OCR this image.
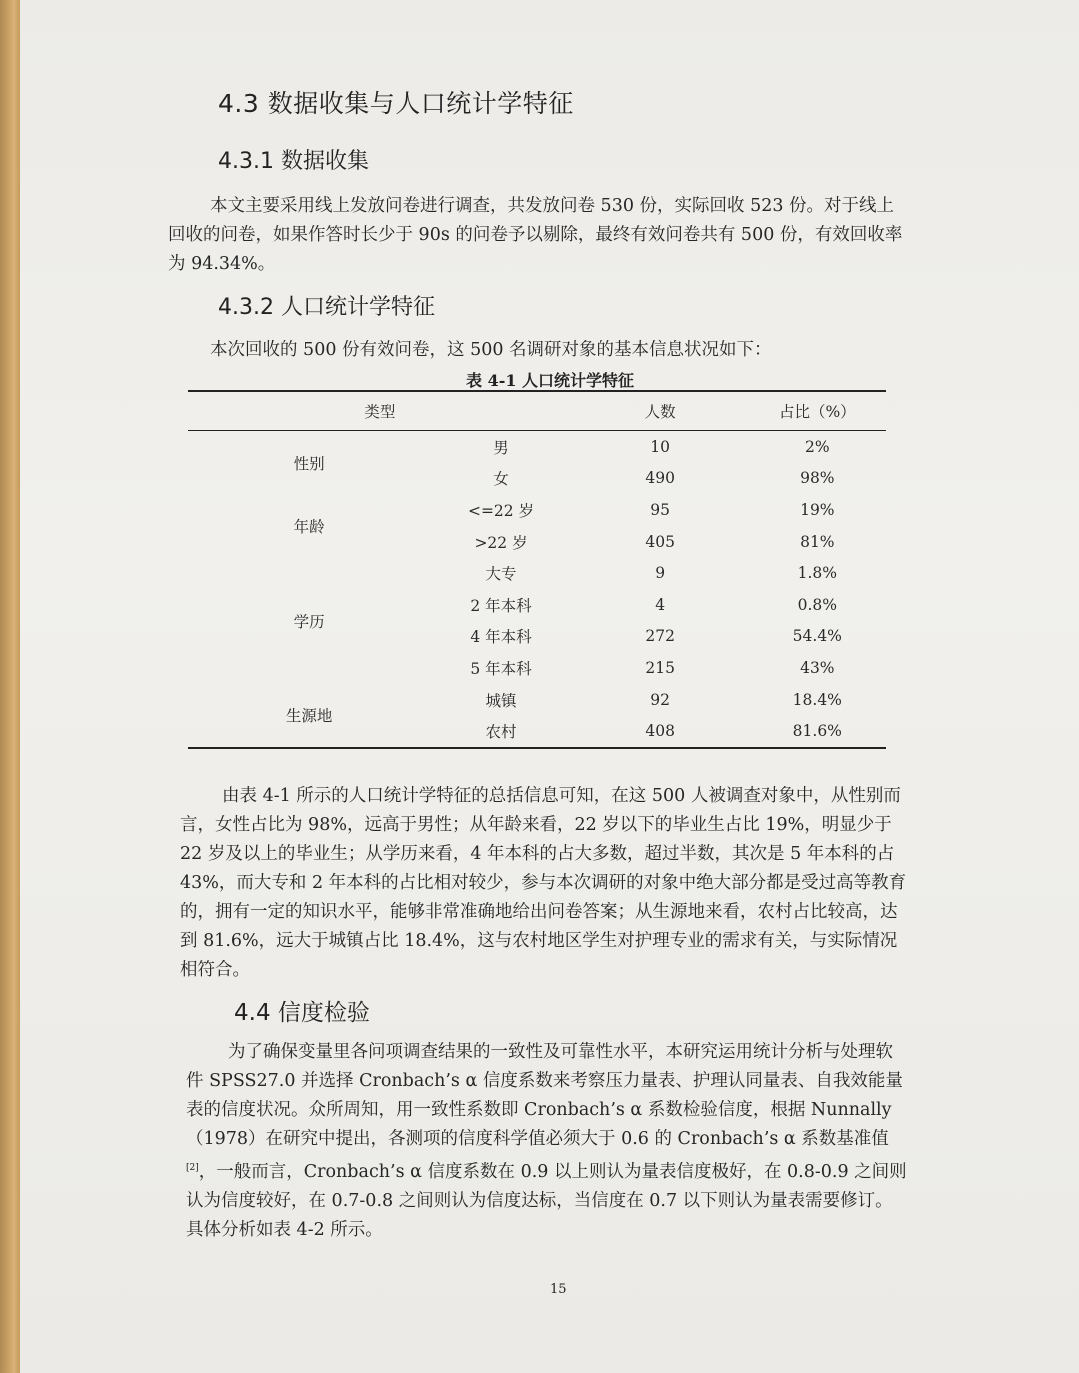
4.3 数据收集与人口统计学特征
4.3.1 数据收集
本文主要采用线上发放问卷进行调查，共发放问卷 530 份，实际回收 523 份。对于线上回收的问卷，如果作答时长少于 90s 的问卷予以剔除，最终有效问卷共有 500 份，有效回收率为 94.34%。
4.3.2 人口统计学特征
本次回收的 500 份有效问卷，这 500 名调研对象的基本信息状况如下：
表 4-1 人口统计学特征
类型		人数	占比（%）
性别	男	10	2%
	女	490	98%
年龄	<=22 岁	95	19%
	>22 岁	405	81%
学历	大专	9	1.8%
	2 年本科	4	0.8%
	4 年本科	272	54.4%
	5 年本科	215	43%
生源地	城镇	92	18.4%
	农村	408	81.6%
由表 4-1 所示的人口统计学特征的总括信息可知，在这 500 人被调查对象中，从性别而言，女性占比为 98%，远高于男性；从年龄来看，22 岁以下的毕业生占比 19%，明显少于 22 岁及以上的毕业生；从学历来看，4 年本科的占大多数，超过半数，其次是 5 年本科的占 43%，而大专和 2 年本科的占比相对较少，参与本次调研的对象中绝大部分都是受过高等教育的，拥有一定的知识水平，能够非常准确地给出问卷答案；从生源地来看，农村占比较高，达到 81.6%，远大于城镇占比 18.4%，这与农村地区学生对护理专业的需求有关，与实际情况相符合。
4.4 信度检验
为了确保变量里各问项调查结果的一致性及可靠性水平，本研究运用统计分析与处理软件 SPSS27.0 并选择 Cronbach’s α 信度系数来考察压力量表、护理认同量表、自我效能量表的信度状况。众所周知，用一致性系数即 Cronbach’s α 系数检验信度，根据 Nunnally（1978）在研究中提出，各测项的信度科学值必须大于 0.6 的 Cronbach’s α 系数基准值[2]，一般而言，Cronbach’s α 信度系数在 0.9 以上则认为量表信度极好，在 0.8-0.9 之间则认为信度较好，在 0.7-0.8 之间则认为信度达标，当信度在 0.7 以下则认为量表需要修订。具体分析如表 4-2 所示。
15
